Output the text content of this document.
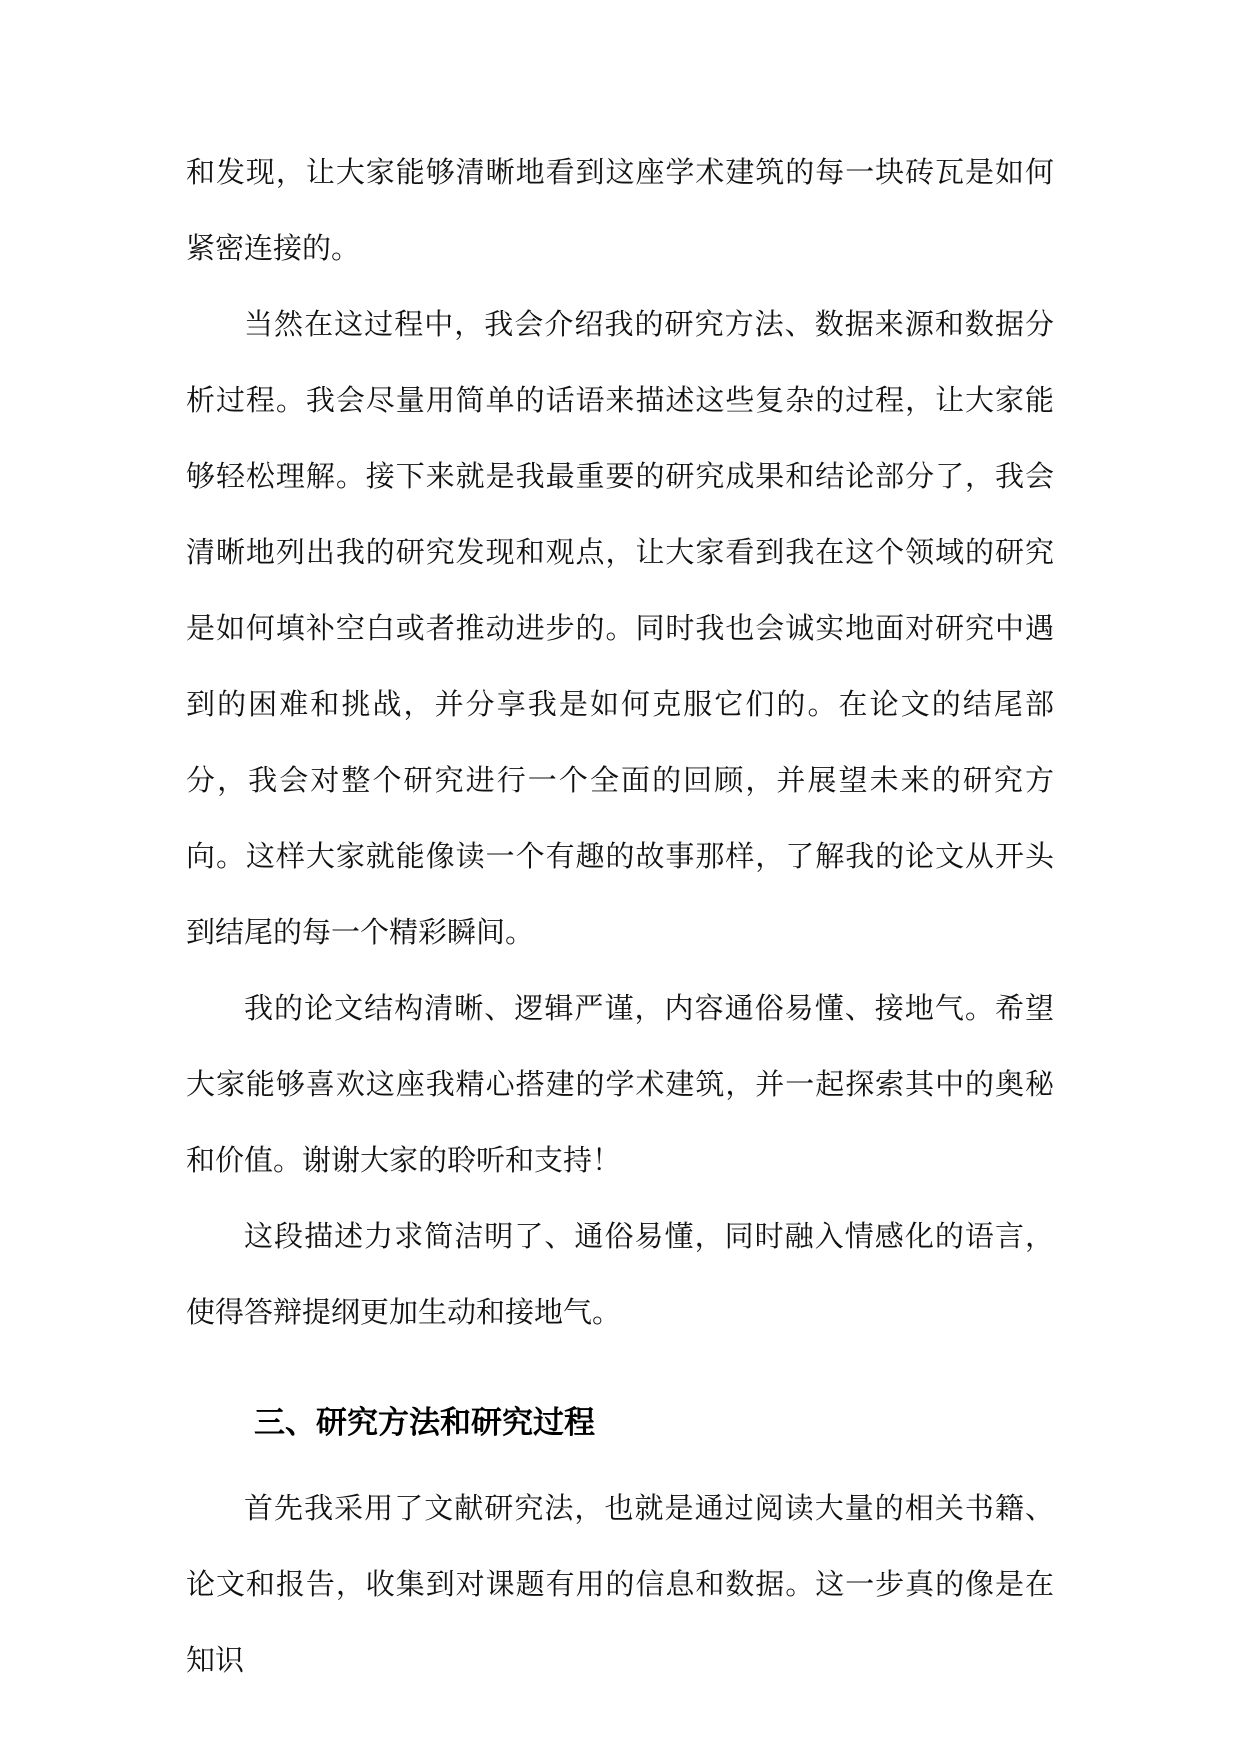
和发现，让大家能够清晰地看到这座学术建筑的每一块砖瓦是如何紧密连接的。

当然在这过程中，我会介绍我的研究方法、数据来源和数据分析过程。我会尽量用简单的话语来描述这些复杂的过程，让大家能够轻松理解。接下来就是我最重要的研究成果和结论部分了，我会清晰地列出我的研究发现和观点，让大家看到我在这个领域的研究是如何填补空白或者推动进步的。同时我也会诚实地面对研究中遇到的困难和挑战，并分享我是如何克服它们的。在论文的结尾部分，我会对整个研究进行一个全面的回顾，并展望未来的研究方向。这样大家就能像读一个有趣的故事那样，了解我的论文从开头到结尾的每一个精彩瞬间。

我的论文结构清晰、逻辑严谨，内容通俗易懂、接地气。希望大家能够喜欢这座我精心搭建的学术建筑，并一起探索其中的奥秘和价值。谢谢大家的聆听和支持！

这段描述力求简洁明了、通俗易懂，同时融入情感化的语言，使得答辩提纲更加生动和接地气。

三、研究方法和研究过程

首先我采用了文献研究法，也就是通过阅读大量的相关书籍、论文和报告，收集到对课题有用的信息和数据。这一步真的像是在知识
